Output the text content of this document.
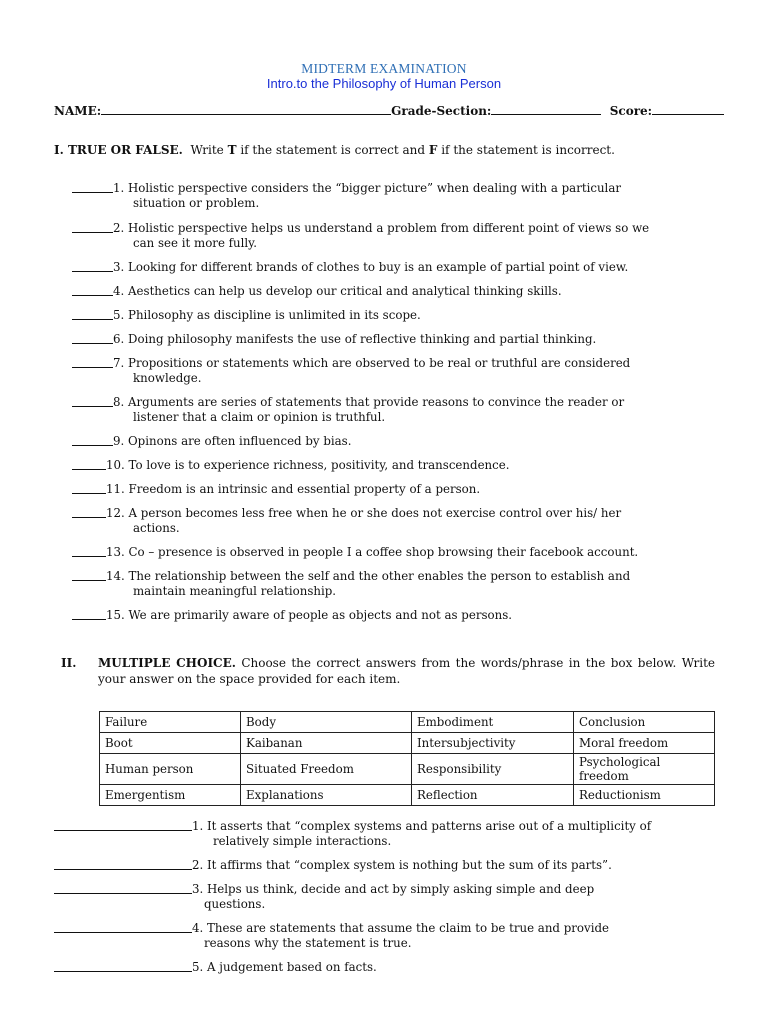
MIDTERM EXAMINATION
Intro.to the Philosophy of Human Person
NAME:	Grade-Section:	Score:
I. TRUE OR FALSE. Write T if the statement is correct and F if the statement is incorrect.
1.
Holistic perspective considers the “bigger picture” when dealing with a particular
situation or problem.
2.
Holistic perspective helps us understand a problem from different point of views so we
can see it more fully.
3.
Looking for different brands of clothes to buy is an example of partial point of view.
4.
Aesthetics can help us develop our critical and analytical thinking skills.
5.
Philosophy as discipline is unlimited in its scope.
6.
Doing philosophy manifests the use of reflective thinking and partial thinking.
7.
Propositions or statements which are observed to be real or truthful are considered
knowledge.
8.
Arguments are series of statements that provide reasons to convince the reader or
listener that a claim or opinion is truthful.
9.
Opinons are often influenced by bias.
10.
To love is to experience richness, positivity, and transcendence.
11.
Freedom is an intrinsic and essential property of a person.
12.
A person becomes less free when he or she does not exercise control over his/ her
actions.
13.
Co – presence is observed in people I a coffee shop browsing their facebook account.
14.
The relationship between the self and the other enables the person to establish and
maintain meaningful relationship.
15.
We are primarily aware of people as objects and not as persons.
II. MULTIPLE CHOICE. Choose the correct answers from the words/phrase in the box below. Write your answer on the space provided for each item.
Failure	Body	Embodiment	Conclusion
Boot	Kaibanan	Intersubjectivity	Moral freedom
Human person	Situated Freedom	Responsibility	Psychological freedom
Emergentism	Explanations	Reflection	Reductionism
1.
It asserts that “complex systems and patterns arise out of a multiplicity of
relatively simple interactions.
2.
It affirms that “complex system is nothing but the sum of its parts”.
3.
Helps us think, decide and act by simply asking simple and deep
questions.
4.
These are statements that assume the claim to be true and provide
reasons why the statement is true.
5.
A judgement based on facts.
